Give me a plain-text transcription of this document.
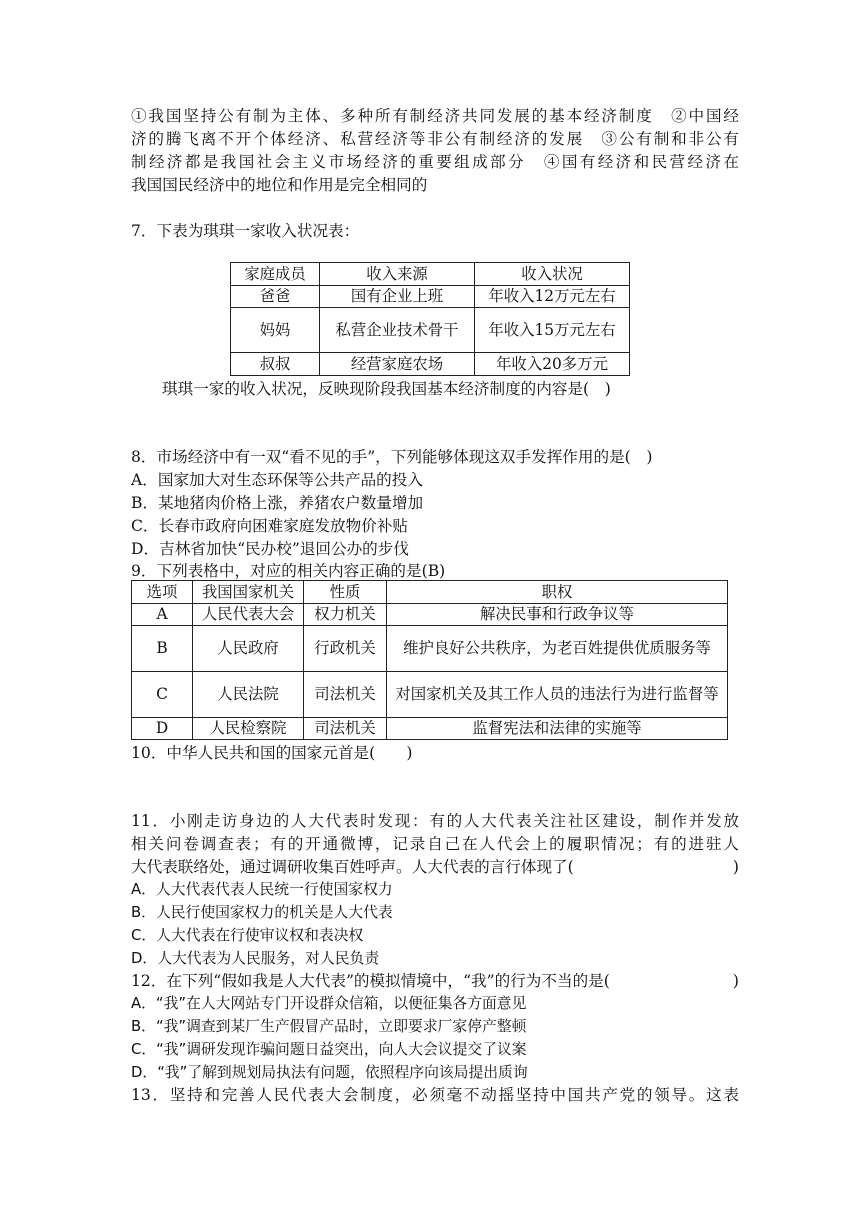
①我国坚持公有制为主体、多种所有制经济共同发展的基本经济制度　②中国经
济的腾飞离不开个体经济、私营经济等非公有制经济的发展　③公有制和非公有
制经济都是我国社会主义市场经济的重要组成部分　④国有经济和民营经济在
我国国民经济中的地位和作用是完全相同的
7．下表为琪琪一家收入状况表：
家庭成员	收入来源	收入状况
爸爸	国有企业上班	年收入12万元左右
妈妈	私营企业技术骨干	年收入15万元左右
叔叔	经营家庭农场	年收入20多万元
琪琪一家的收入状况，反映现阶段我国基本经济制度的内容是(　)
8．市场经济中有一双“看不见的手”，下列能够体现这双手发挥作用的是(　)
A．国家加大对生态环保等公共产品的投入
B．某地猪肉价格上涨，养猪农户数量增加
C．长春市政府向困难家庭发放物价补贴
D．吉林省加快“民办校”退回公办的步伐
9．下列表格中，对应的相关内容正确的是(B)
选项	我国国家机关	性质	职权
A	人民代表大会	权力机关	解决民事和行政争议等
B	人民政府	行政机关	维护良好公共秩序，为老百姓提供优质服务等
C	人民法院	司法机关	对国家机关及其工作人员的违法行为进行监督等
D	人民检察院	司法机关	监督宪法和法律的实施等
10．中华人民共和国的国家元首是(　　)
11．小刚走访身边的人大代表时发现：有的人大代表关注社区建设，制作并发放
相关问卷调查表；有的开通微博，记录自己在人代会上的履职情况；有的进驻人
大代表联络处，通过调研收集百姓呼声。人大代表的言行体现了(	)
A．人大代表代表人民统一行使国家权力
B．人民行使国家权力的机关是人大代表
C．人大代表在行使审议权和表决权
D．人大代表为人民服务，对人民负责
12．在下列“假如我是人大代表”的模拟情境中，“我”的行为不当的是(	)
A．“我”在人大网站专门开设群众信箱，以便征集各方面意见
B．“我”调查到某厂生产假冒产品时，立即要求厂家停产整顿
C．“我”调研发现诈骗问题日益突出，向人大会议提交了议案
D．“我”了解到规划局执法有问题，依照程序向该局提出质询
13．坚持和完善人民代表大会制度，必须毫不动摇坚持中国共产党的领导。这表
